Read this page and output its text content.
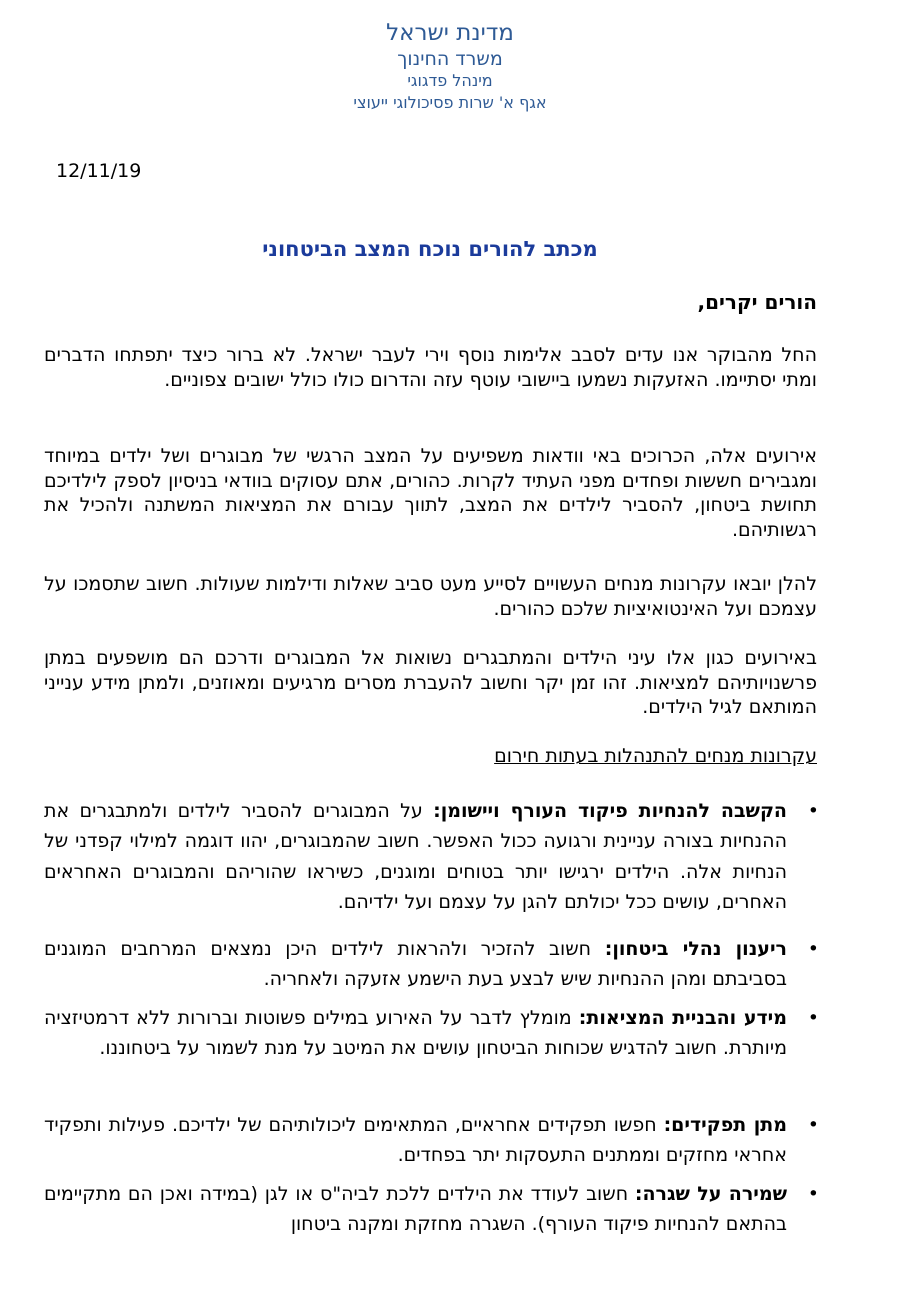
מדינת ישראל
משרד החינוך
מינהל פדגוגי
אגף א' שרות פסיכולוגי ייעוצי
12/11/19
מכתב להורים נוכח המצב הביטחוני
הורים יקרים,
החל מהבוקר אנו עדים לסבב אלימות נוסף וירי לעבר ישראל. לא ברור כיצד יתפתחו הדברים ומתי יסתיימו. האזעקות נשמעו ביישובי עוטף עזה והדרום כולו כולל ישובים צפוניים.
אירועים אלה, הכרוכים באי וודאות משפיעים על המצב הרגשי של מבוגרים ושל ילדים במיוחד ומגבירים חששות ופחדים מפני העתיד לקרות. כהורים, אתם עסוקים בוודאי בניסיון לספק לילדיכם תחושת ביטחון, להסביר לילדים את המצב, לתווך עבורם את המציאות המשתנה ולהכיל את רגשותיהם.
להלן יובאו עקרונות מנחים העשויים לסייע מעט סביב שאלות ודילמות שעולות. חשוב שתסמכו על עצמכם ועל האינטואיציות שלכם כהורים.
באירועים כגון אלו עיני הילדים והמתבגרים נשואות אל המבוגרים ודרכם הם מושפעים במתן פרשנויותיהם למציאות. זהו זמן יקר וחשוב להעברת מסרים מרגיעים ומאוזנים, ולמתן מידע ענייני המותאם לגיל הילדים.
עקרונות מנחים להתנהלות בעתות חירום
•
הקשבה להנחיות פיקוד העורף ויישומן: על המבוגרים להסביר לילדים ולמתבגרים את ההנחיות בצורה עניינית ורגועה ככול האפשר. חשוב שהמבוגרים, יהוו דוגמה למילוי קפדני של הנחיות אלה. הילדים ירגישו יותר בטוחים ומוגנים, כשיראו שהוריהם והמבוגרים האחראים האחרים, עושים ככל יכולתם להגן על עצמם ועל ילדיהם.
•
ריענון נהלי ביטחון: חשוב להזכיר ולהראות לילדים היכן נמצאים המרחבים המוגנים בסביבתם ומהן ההנחיות שיש לבצע בעת הישמע אזעקה ולאחריה.
•
מידע והבניית המציאות: מומלץ לדבר על האירוע במילים פשוטות וברורות ללא דרמטיזציה מיותרת. חשוב להדגיש שכוחות הביטחון עושים את המיטב על מנת לשמור על ביטחוננו.
•
מתן תפקידים: חפשו תפקידים אחראיים, המתאימים ליכולותיהם של ילדיכם. פעילות ותפקיד אחראי מחזקים וממתנים התעסקות יתר בפחדים.
•
שמירה על שגרה: חשוב לעודד את הילדים ללכת לביה"ס או לגן (במידה ואכן הם מתקיימים בהתאם להנחיות פיקוד העורף). השגרה מחזקת ומקנה ביטחון
